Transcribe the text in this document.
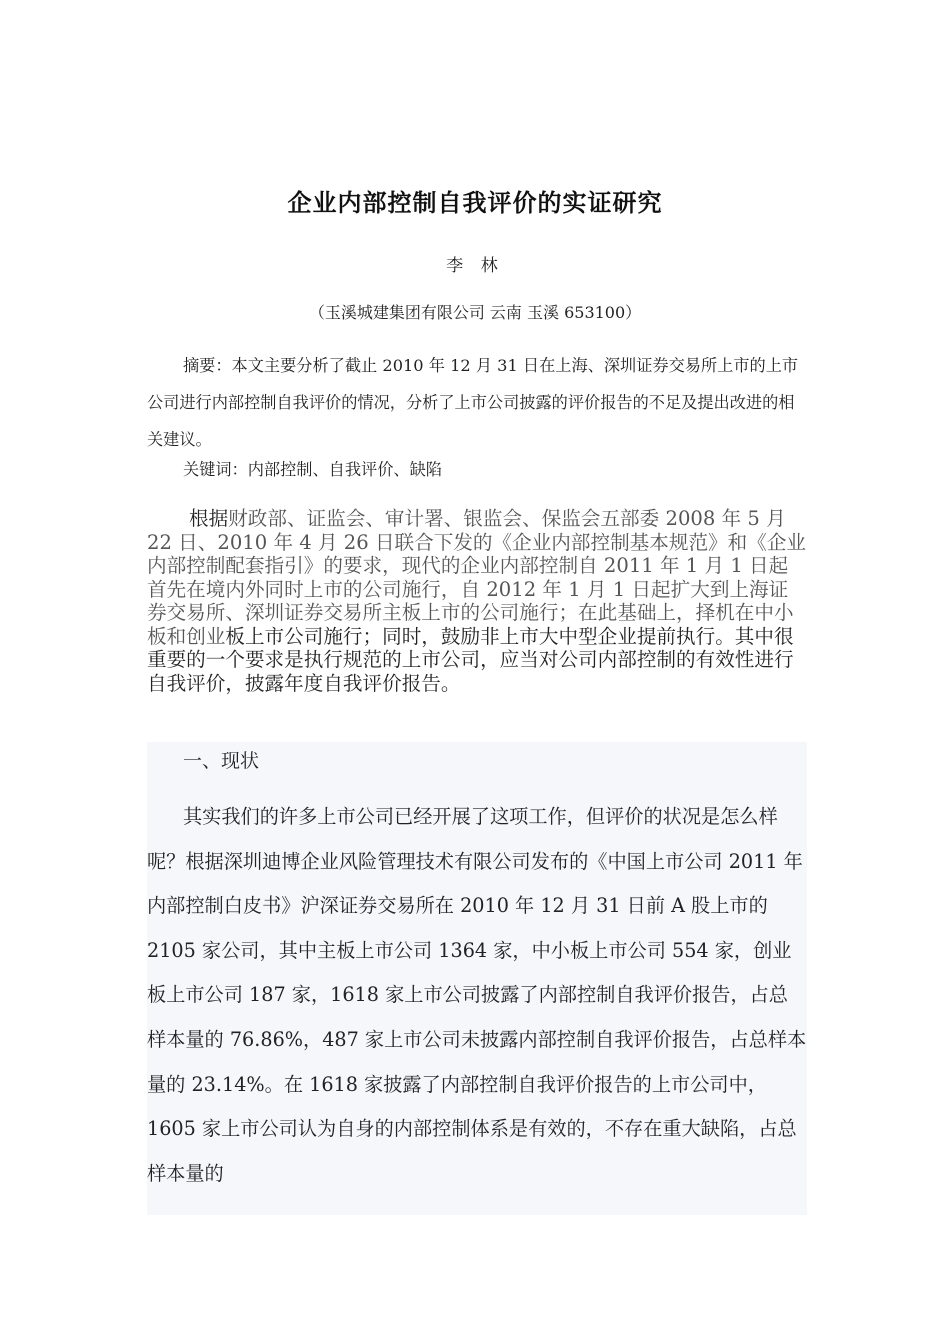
企业内部控制自我评价的实证研究
李 林
（玉溪城建集团有限公司 云南 玉溪 653100）

摘要：本文主要分析了截止 2010 年 12 月 31 日在上海、深圳证券交易所上市的上市公司进行内部控制自我评价的情况，分析了上市公司披露的评价报告的不足及提出改进的相关建议。

关键词：内部控制、自我评价、缺陷

根据财政部、证监会、审计署、银监会、保监会五部委 2008 年 5 月 22 日、2010 年 4 月 26 日联合下发的《企业内部控制基本规范》和《企业内部控制配套指引》的要求，现代的企业内部控制自 2011 年 1 月 1 日起首先在境内外同时上市的公司施行，自 2012 年 1 月 1 日起扩大到上海证券交易所、深圳证券交易所主板上市的公司施行；在此基础上，择机在中小板和创业板上市公司施行；同时，鼓励非上市大中型企业提前执行。其中很重要的一个要求是执行规范的上市公司，应当对公司内部控制的有效性进行自我评价，披露年度自我评价报告。

一、现状

其实我们的许多上市公司已经开展了这项工作，但评价的状况是怎么样呢？根据深圳迪博企业风险管理技术有限公司发布的《中国上市公司 2011 年内部控制白皮书》沪深证券交易所在 2010 年 12 月 31 日前 A 股上市的 2105 家公司，其中主板上市公司 1364 家，中小板上市公司 554 家，创业板上市公司 187 家，1618 家上市公司披露了内部控制自我评价报告，占总样本量的 76.86%，487 家上市公司未披露内部控制自我评价报告，占总样本量的 23.14%。在 1618 家披露了内部控制自我评价报告的上市公司中，1605 家上市公司认为自身的内部控制体系是有效的，不存在重大缺陷，占总样本量的
